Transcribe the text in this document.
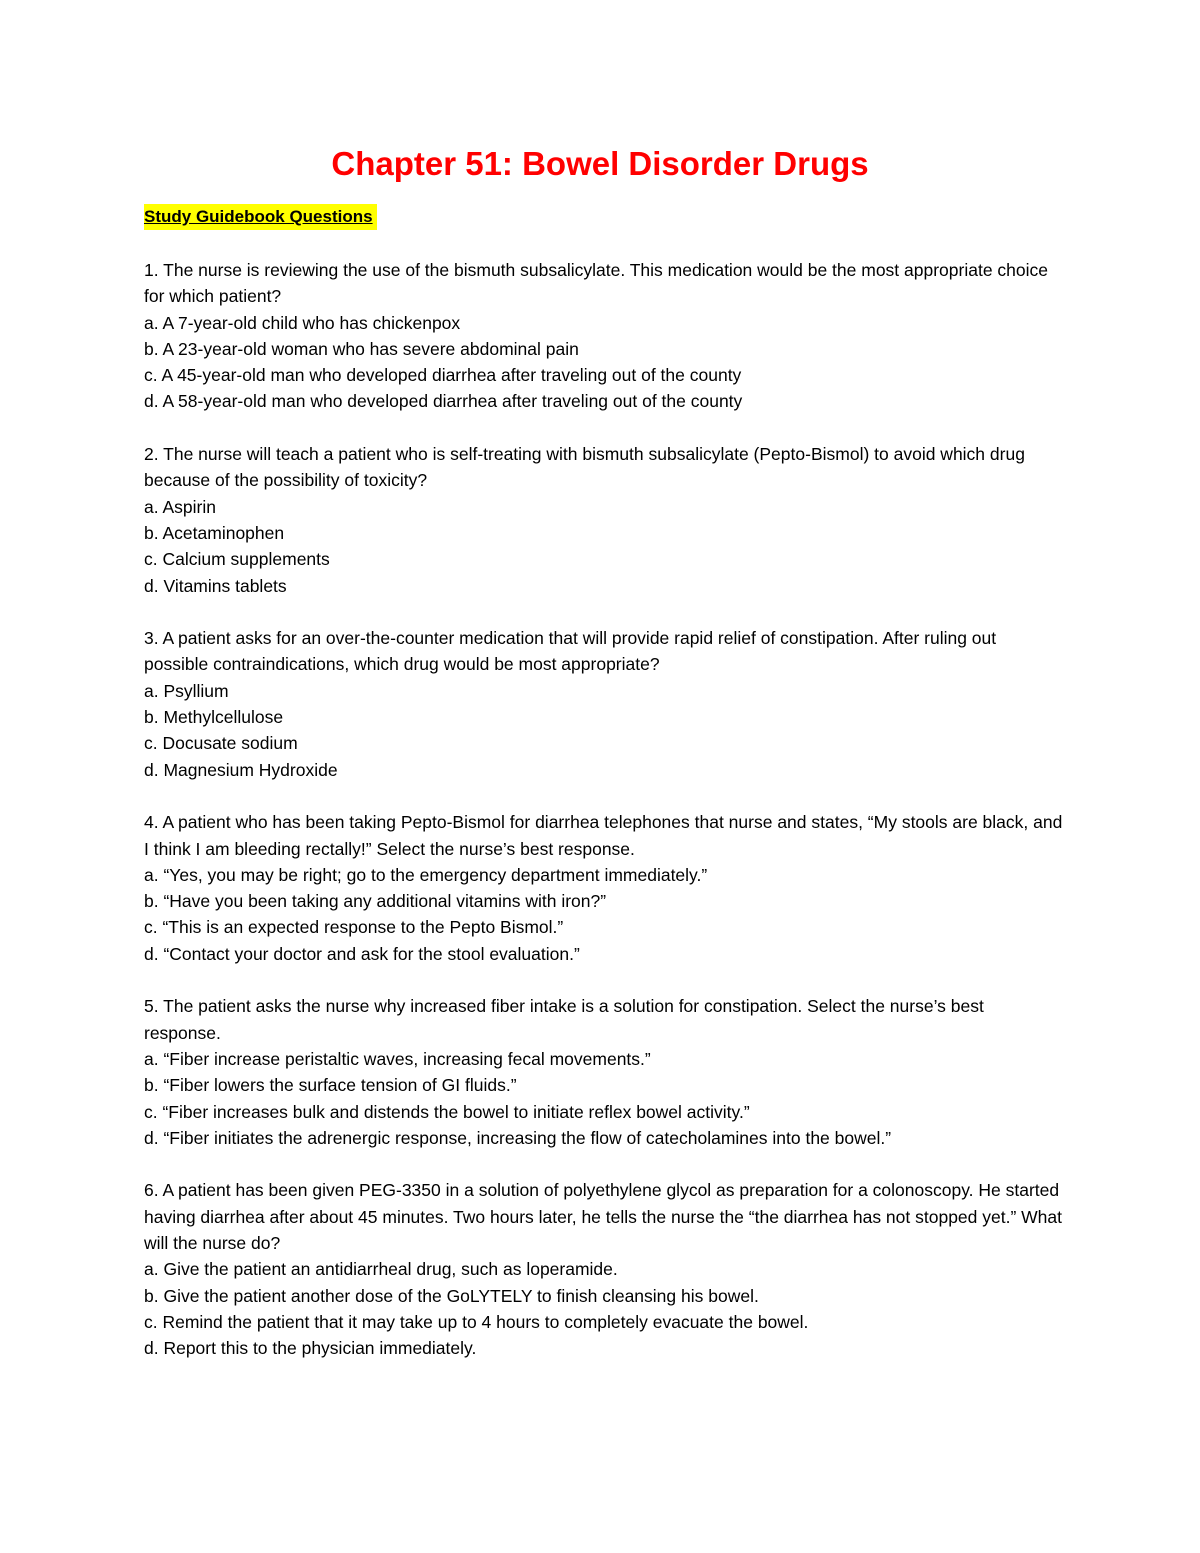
Chapter 51: Bowel Disorder Drugs
Study Guidebook Questions
1. The nurse is reviewing the use of the bismuth subsalicylate. This medication would be the most appropriate choice for which patient?
a. A 7-year-old child who has chickenpox
b. A 23-year-old woman who has severe abdominal pain
c. A 45-year-old man who developed diarrhea after traveling out of the county
d. A 58-year-old man who developed diarrhea after traveling out of the county
2. The nurse will teach a patient who is self-treating with bismuth subsalicylate (Pepto-Bismol) to avoid which drug because of the possibility of toxicity?
a. Aspirin
b. Acetaminophen
c. Calcium supplements
d. Vitamins tablets
3. A patient asks for an over-the-counter medication that will provide rapid relief of constipation. After ruling out possible contraindications, which drug would be most appropriate?
a. Psyllium
b. Methylcellulose
c. Docusate sodium
d. Magnesium Hydroxide
4. A patient who has been taking Pepto-Bismol for diarrhea telephones that nurse and states, “My stools are black, and I think I am bleeding rectally!” Select the nurse’s best response.
a. “Yes, you may be right; go to the emergency department immediately.”
b. “Have you been taking any additional vitamins with iron?”
c. “This is an expected response to the Pepto Bismol.”
d. “Contact your doctor and ask for the stool evaluation.”
5. The patient asks the nurse why increased fiber intake is a solution for constipation. Select the nurse’s best response.
a. “Fiber increase peristaltic waves, increasing fecal movements.”
b. “Fiber lowers the surface tension of GI fluids.”
c. “Fiber increases bulk and distends the bowel to initiate reflex bowel activity.”
d. “Fiber initiates the adrenergic response, increasing the flow of catecholamines into the bowel.”
6. A patient has been given PEG-3350 in a solution of polyethylene glycol as preparation for a colonoscopy. He started having diarrhea after about 45 minutes. Two hours later, he tells the nurse the “the diarrhea has not stopped yet.” What will the nurse do?
a. Give the patient an antidiarrheal drug, such as loperamide.
b. Give the patient another dose of the GoLYTELY to finish cleansing his bowel.
c. Remind the patient that it may take up to 4 hours to completely evacuate the bowel.
d. Report this to the physician immediately.
